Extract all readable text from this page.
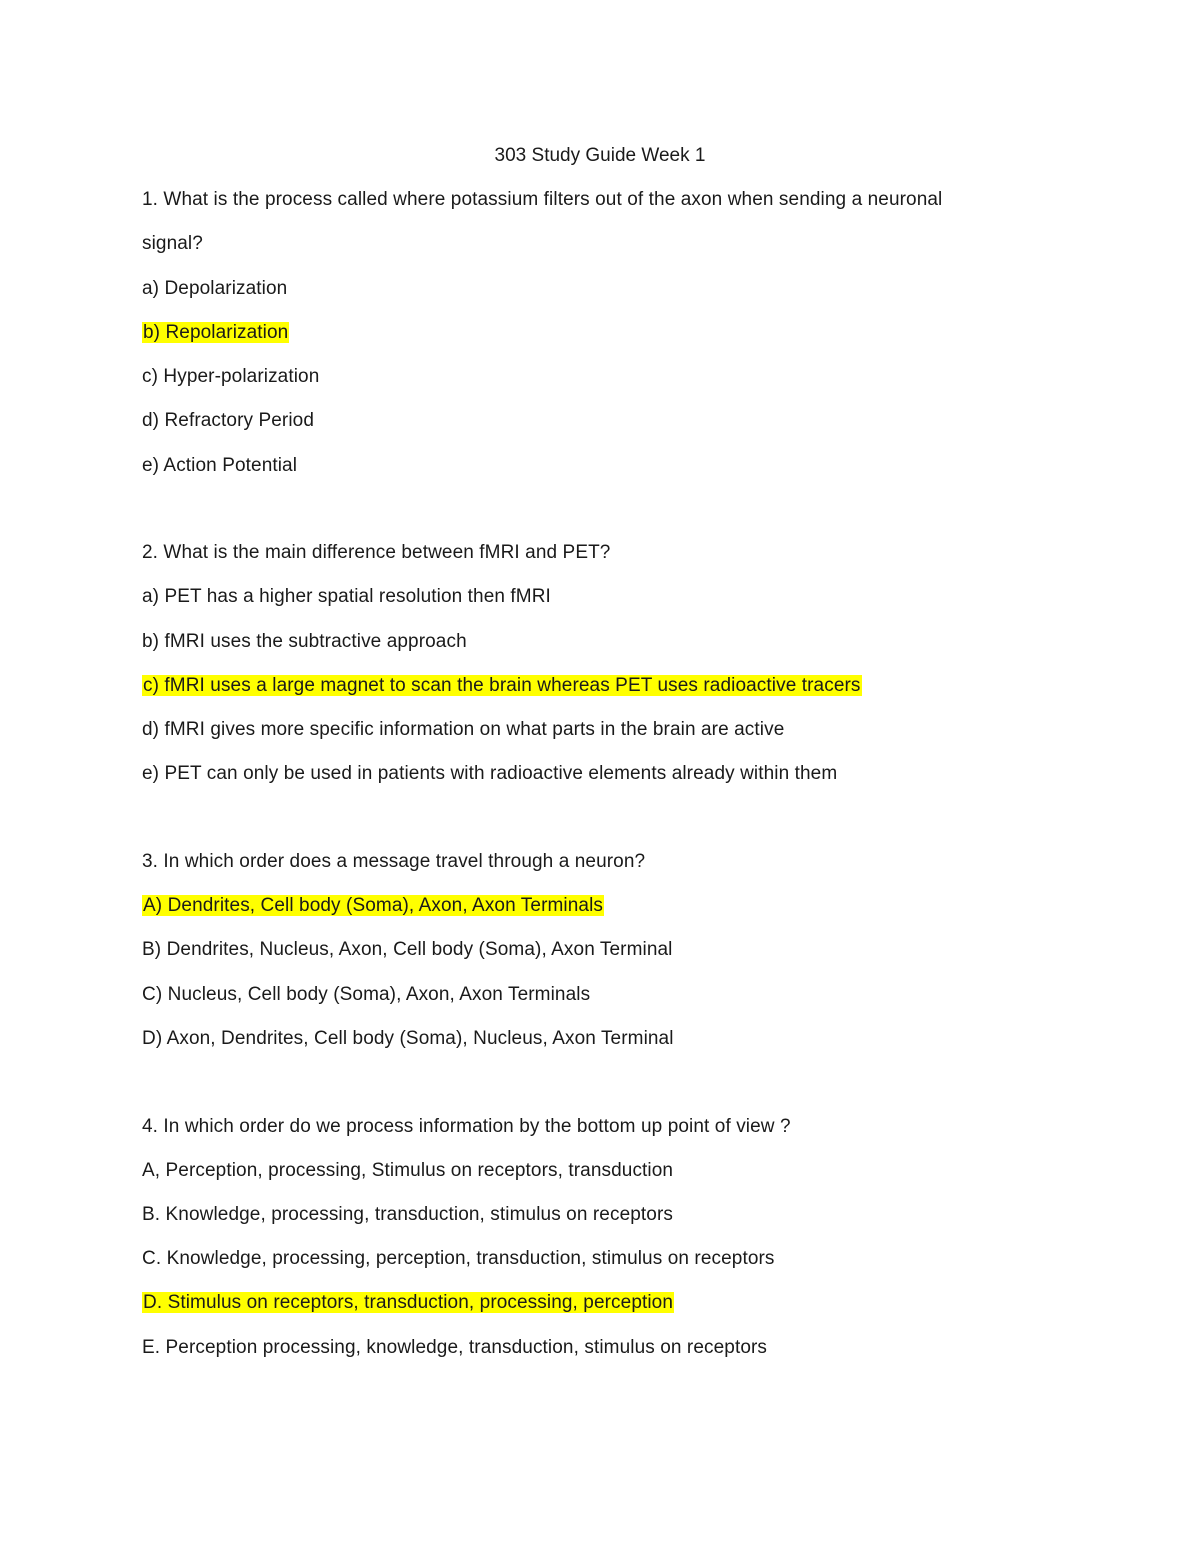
303 Study Guide Week 1
1. What is the process called where potassium filters out of the axon when sending a neuronal
signal?
a) Depolarization
b) Repolarization
c) Hyper-polarization
d) Refractory Period
e) Action Potential
2. What is the main difference between fMRI and PET?
a) PET has a higher spatial resolution then fMRI
b) fMRI uses the subtractive approach
c) fMRI uses a large magnet to scan the brain whereas PET uses radioactive tracers
d) fMRI gives more specific information on what parts in the brain are active
e) PET can only be used in patients with radioactive elements already within them
3. In which order does a message travel through a neuron?
A) Dendrites, Cell body (Soma), Axon, Axon Terminals
B) Dendrites, Nucleus, Axon, Cell body (Soma), Axon Terminal
C) Nucleus, Cell body (Soma), Axon, Axon Terminals
D) Axon, Dendrites, Cell body (Soma), Nucleus, Axon Terminal
4. In which order do we process information by the bottom up point of view ?
A, Perception, processing, Stimulus on receptors, transduction
B. Knowledge, processing, transduction, stimulus on receptors
C. Knowledge, processing, perception, transduction, stimulus on receptors
D. Stimulus on receptors, transduction, processing, perception
E. Perception processing, knowledge, transduction, stimulus on receptors
